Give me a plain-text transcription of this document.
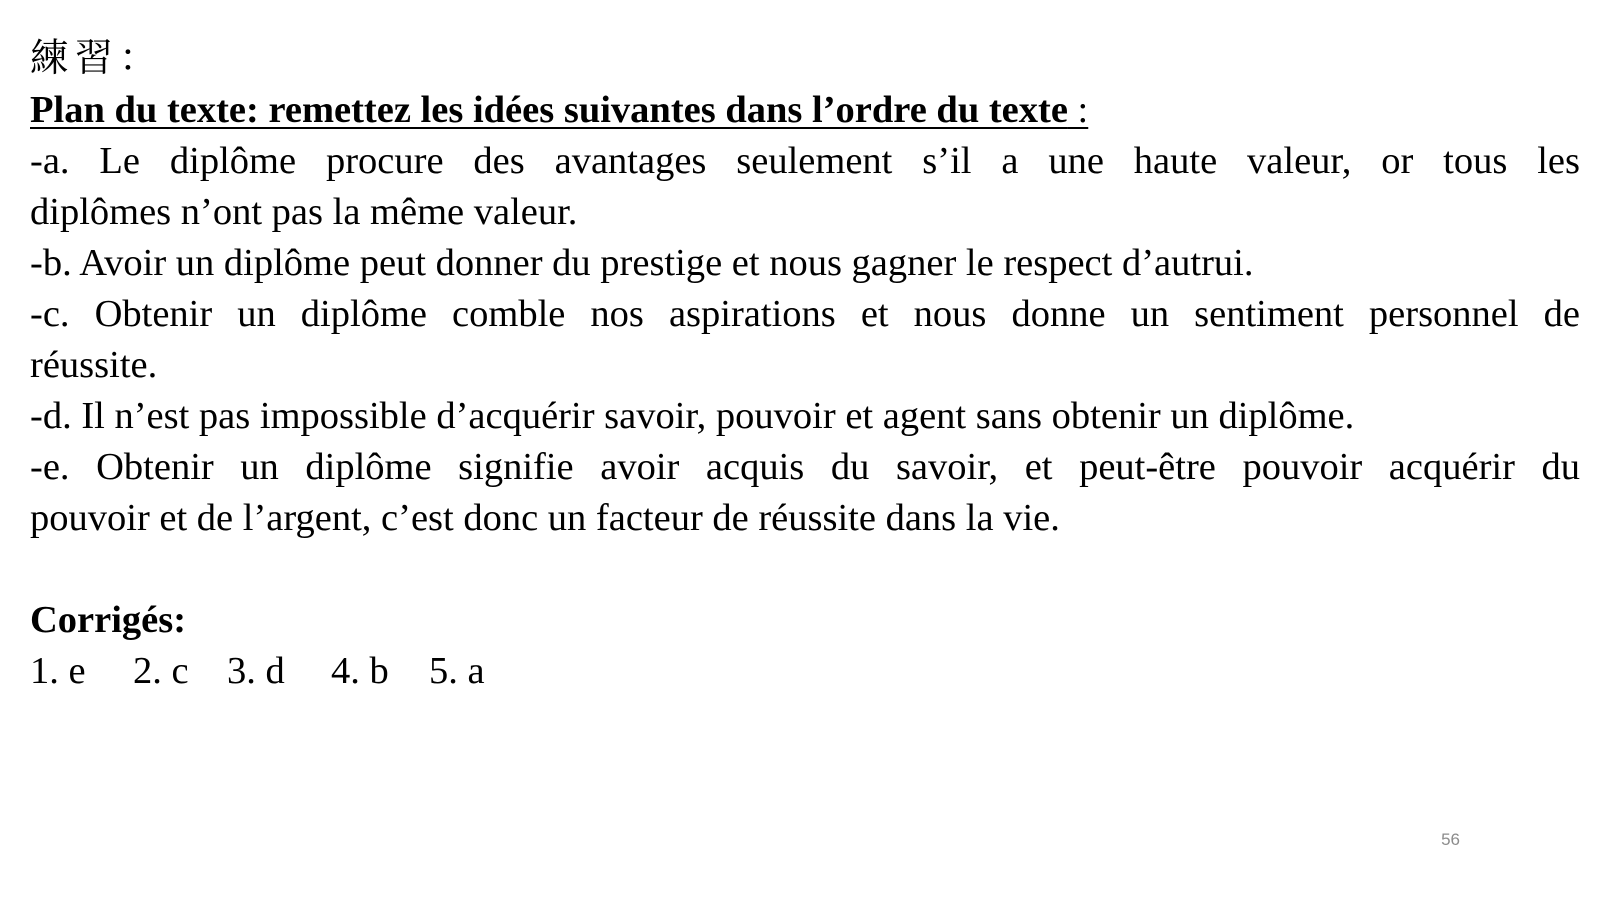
練習：
Plan du texte: remettez les idées suivantes dans l’ordre du texte :
-a. Le diplôme procure des avantages seulement s’il a une haute valeur, or tous les
diplômes n’ont pas la même valeur.
-b. Avoir un diplôme peut donner du prestige et nous gagner le respect d’autrui.
-c. Obtenir un diplôme comble nos aspirations et nous donne un sentiment personnel de
réussite.
-d. Il n’est pas impossible d’acquérir savoir, pouvoir et agent sans obtenir un diplôme.
-e. Obtenir un diplôme signifie avoir acquis du savoir, et peut-être pouvoir acquérir du
pouvoir et de l’argent, c’est donc un facteur de réussite dans la vie.
Corrigés:
1. e	2. c 3. d	4. b	5. a
56
